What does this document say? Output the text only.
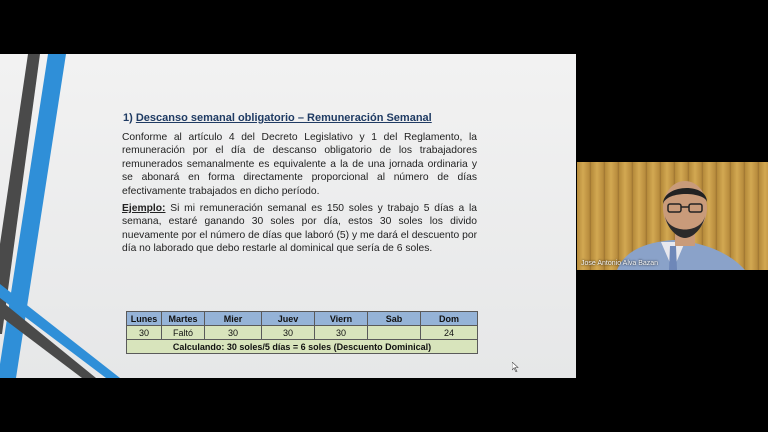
1) Descanso semanal obligatorio – Remuneración Semanal

Conforme al artículo 4 del Decreto Legislativo y 1 del Reglamento, la remuneración por el día de descanso obligatorio de los trabajadores remunerados semanalmente es equivalente a la de una jornada ordinaria y se abonará en forma directamente proporcional al número de días efectivamente trabajados en dicho período.

Ejemplo: Si mi remuneración semanal es 150 soles y trabajo 5 días a la semana, estaré ganando 30 soles por día, estos 30 soles los divido nuevamente por el número de días que laboró (5) y me dará el descuento por día no laborado que debo restarle al dominical que sería de 6 soles.

Lunes	Martes	Mier	Juev	Viern	Sab	Dom
30	Faltó	30	30	30		24
Calculando: 30 soles/5 días = 6 soles (Descuento Dominical)						
Jose Antonio Alva Bazan
